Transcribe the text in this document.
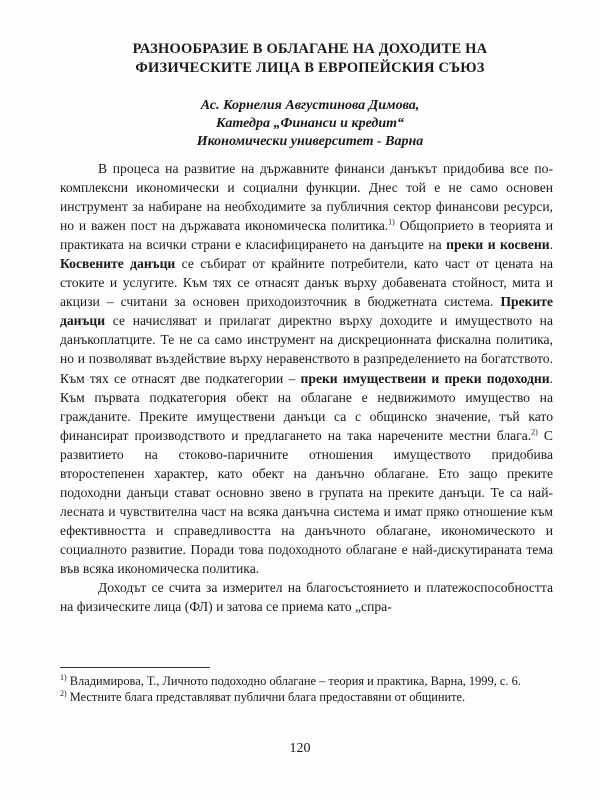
РАЗНООБРАЗИЕ В ОБЛАГАНЕ НА ДОХОДИТЕ НА
ФИЗИЧЕСКИТЕ ЛИЦА В ЕВРОПЕЙСКИЯ СЪЮЗ
Ас. Корнелия Августинова Димова,
Катедра „Финанси и кредит“
Икономически университет - Варна

В процеса на развитие на държавните финанси данъкът придобива все по-комплексни икономически и социални функции. Днес той е не само основен инструмент за набиране на необходимите за публичния сектор финансови ресурси, но и важен пост на държавата икономическа политика.$^{1)}$ Общоприето в теорията и практиката на всички страни е класифицирането на данъците на преки и косвени. Косвените данъци се събират от крайните потребители, като част от цената на стоките и услугите. Към тях се отнасят данък върху добавената стойност, мита и акцизи – считани за основен приходоизточник в бюджетната система. Преките данъци се начисляват и прилагат директно върху доходите и имуществото на данъкоплатците. Те не са само инструмент на дискреционната фискална политика, но и позволяват въздействие върху неравенството в разпределението на богатството. Към тях се отнасят две подкатегории – преки имуществени и преки подоходни. Към първата подкатегория обект на облагане е недвижимото имущество на гражданите. Преките имуществени данъци са с общинско значение, тъй като финансират производството и предлагането на така наречените местни блага.$^{2)}$ С развитието на стоково-паричните отношения имуществото придобива второстепенен характер, като обект на данъчно облагане. Ето защо преките подоходни данъци стават основно звено в групата на преките данъци. Те са най-лесната и чувствителна част на всяка данъчна система и имат пряко отношение към ефективността и справедливостта на данъчното облагане, икономическото и социалното развитие. Поради това подоходното облагане е най-дискутираната тема във всяка икономическа политика.

Доходът се счита за измерител на благосъстоянието и платежоспособността на физическите лица (ФЛ) и затова се приема като „спра-

$^{1)}$ Владимирова, Т., Личното подоходно облагане – теория и практика, Варна, 1999, с. 6.

$^{2)}$ Местните блага представляват публични блага предоставяни от общините.

120
